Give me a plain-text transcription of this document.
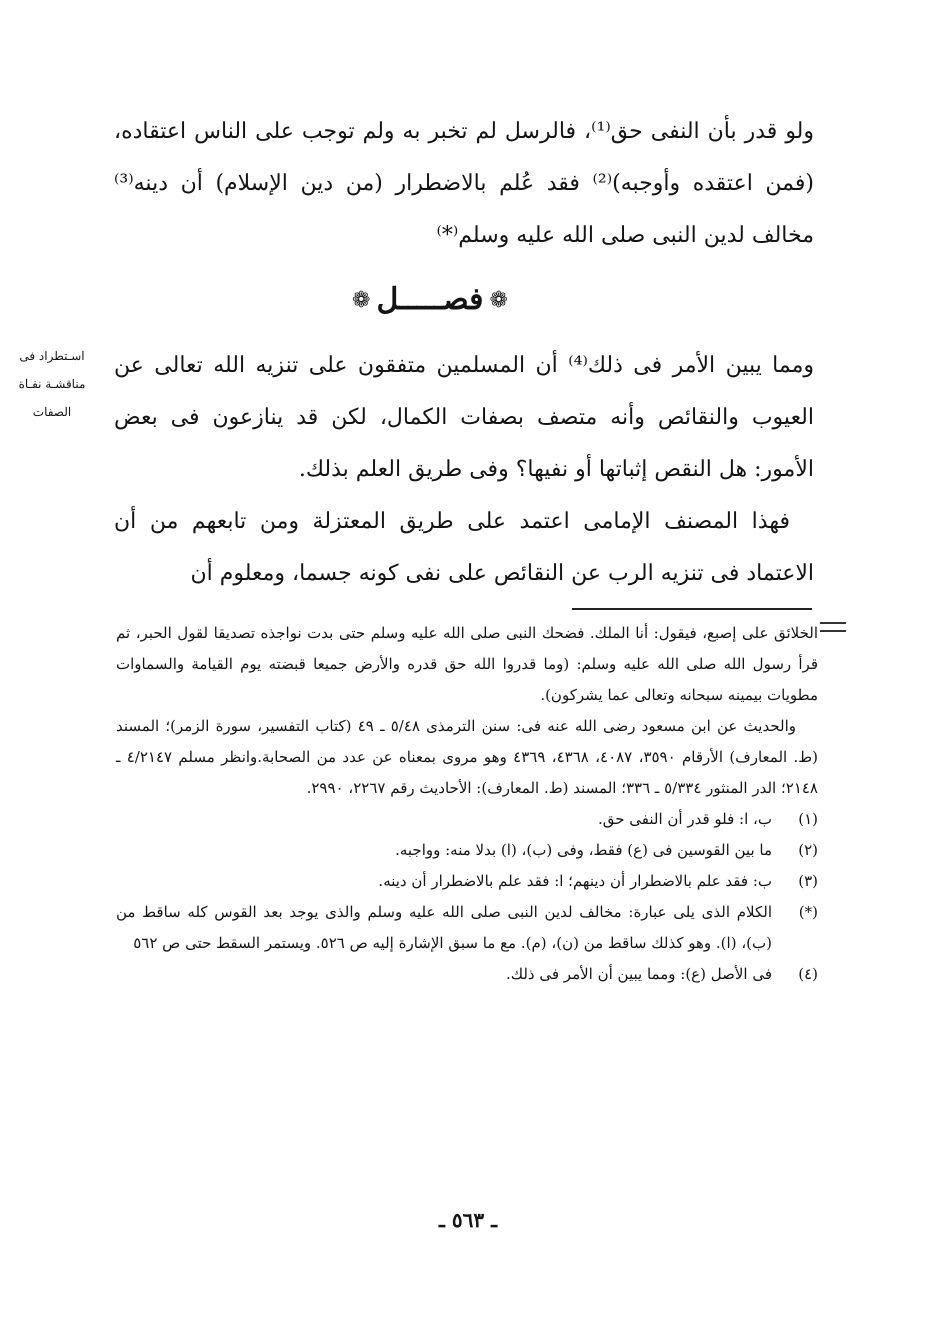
ولو قدر بأن النفى حق⁽¹⁾، فالرسل لم تخبر به ولم توجب على الناس اعتقاده، (فمن اعتقده وأوجبه)⁽²⁾ فقد عُلم بالاضطرار (من دين الإسلام) أن دينه⁽³⁾ مخالف لدين النبى صلى الله عليه وسلم⁽*⁾

❁فصـــــل❁
اسـتطراد فى مناقشـة نفـاة الصفات

ومما يبين الأمر فى ذلك⁽⁴⁾ أن المسلمين متفقون على تنزيه الله تعالى عن العيوب والنقائص وأنه متصف بصفات الكمال، لكن قد ينازعون فى بعض الأمور: هل النقص إثباتها أو نفيها؟ وفى طريق العلم بذلك.

فهذا المصنف الإمامى اعتمد على طريق المعتزلة ومن تابعهم من أن الاعتماد فى تنزيه الرب عن النقائص على نفى كونه جسما، ومعلوم أن

الخلائق على إصبع، فيقول: أنا الملك. فضحك النبى صلى الله عليه وسلم حتى بدت نواجذه تصديقا لقول الحبر، ثم قرأ رسول الله صلى الله عليه وسلم: (وما قدروا الله حق قدره والأرض جميعا قبضته يوم القيامة والسماوات مطويات بيمينه سبحانه وتعالى عما يشركون).

والحديث عن ابن مسعود رضى الله عنه فى: سنن الترمذى ٥/٤٨ ـ ٤٩ (كتاب التفسير، سورة الزمر)؛ المسند (ط. المعارف) الأرقام ٣٥٩٠، ٤٠٨٧، ٤٣٦٨، ٤٣٦٩ وهو مروى بمعناه عن عدد من الصحابة.وانظر مسلم ٤/٢١٤٧ ـ ٢١٤٨؛ الدر المنثور ٥/٣٣٤ ـ ٣٣٦؛ المسند (ط. المعارف): الأحاديث رقم ٢٢٦٧، ٢٩٩٠.

(١)
ب، ا: فلو قدر أن النفى حق.
(٢)
ما بين القوسين فى (ع) فقط، وفى (ب)، (ا) بدلا منه: وواجبه.
(٣)
ب: فقد علم بالاضطرار أن دينهم؛ ا: فقد علم بالاضطرار أن دينه.
(*)
الكلام الذى يلى عبارة: مخالف لدين النبى صلى الله عليه وسلم والذى يوجد بعد القوس كله ساقط من (ب)، (ا). وهو كذلك ساقط من (ن)، (م). مع ما سبق الإشارة إليه ص ٥٢٦. ويستمر السقط حتى ص ٥٦٢
(٤)
فى الأصل (ع): ومما يبين أن الأمر فى ذلك.
ـ ٥٦٣ ـ
